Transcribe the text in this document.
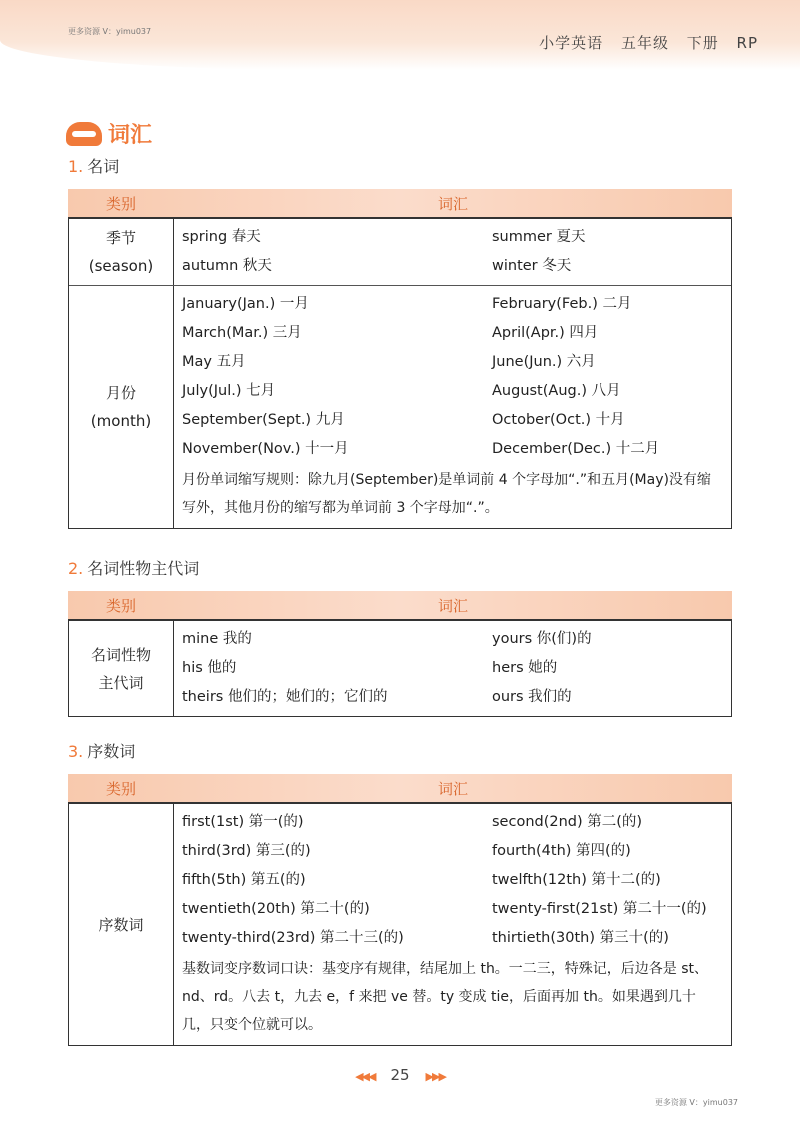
更多资源 V：yimu037
小学英语 五年级 下册 RP
词汇
1. 名词
类别	词汇
季节
(season)
spring 春天	summer 夏天
autumn 秋天	winter 冬天
月份
(month)
January(Jan.) 一月	February(Feb.) 二月
March(Mar.) 三月	April(Apr.) 四月
May 五月	June(Jun.) 六月
July(Jul.) 七月	August(Aug.) 八月
September(Sept.) 九月	October(Oct.) 十月
November(Nov.) 十一月	December(Dec.) 十二月
月份单词缩写规则：除九月(September)是单词前 4 个字母加“.”和五月(May)没有缩写外，其他月份的缩写都为单词前 3 个字母加“.”。
2. 名词性物主代词
类别	词汇
名词性物
主代词
mine 我的	yours 你(们)的
his 他的	hers 她的
theirs 他们的；她们的；它们的	ours 我们的
3. 序数词
类别	词汇
序数词
first(1st) 第一(的)	second(2nd) 第二(的)
third(3rd) 第三(的)	fourth(4th) 第四(的)
fifth(5th) 第五(的)	twelfth(12th) 第十二(的)
twentieth(20th) 第二十(的)	twenty-first(21st) 第二十一(的)
twenty-third(23rd) 第二十三(的)	thirtieth(30th) 第三十(的)
基数词变序数词口诀：基变序有规律，结尾加上 th。一二三，特殊记，后边各是 st、nd、rd。八去 t，九去 e，f 来把 ve 替。ty 变成 tie，后面再加 th。如果遇到几十几，只变个位就可以。
◀◀◀ 25 ▶▶▶
更多资源 V：yimu037
